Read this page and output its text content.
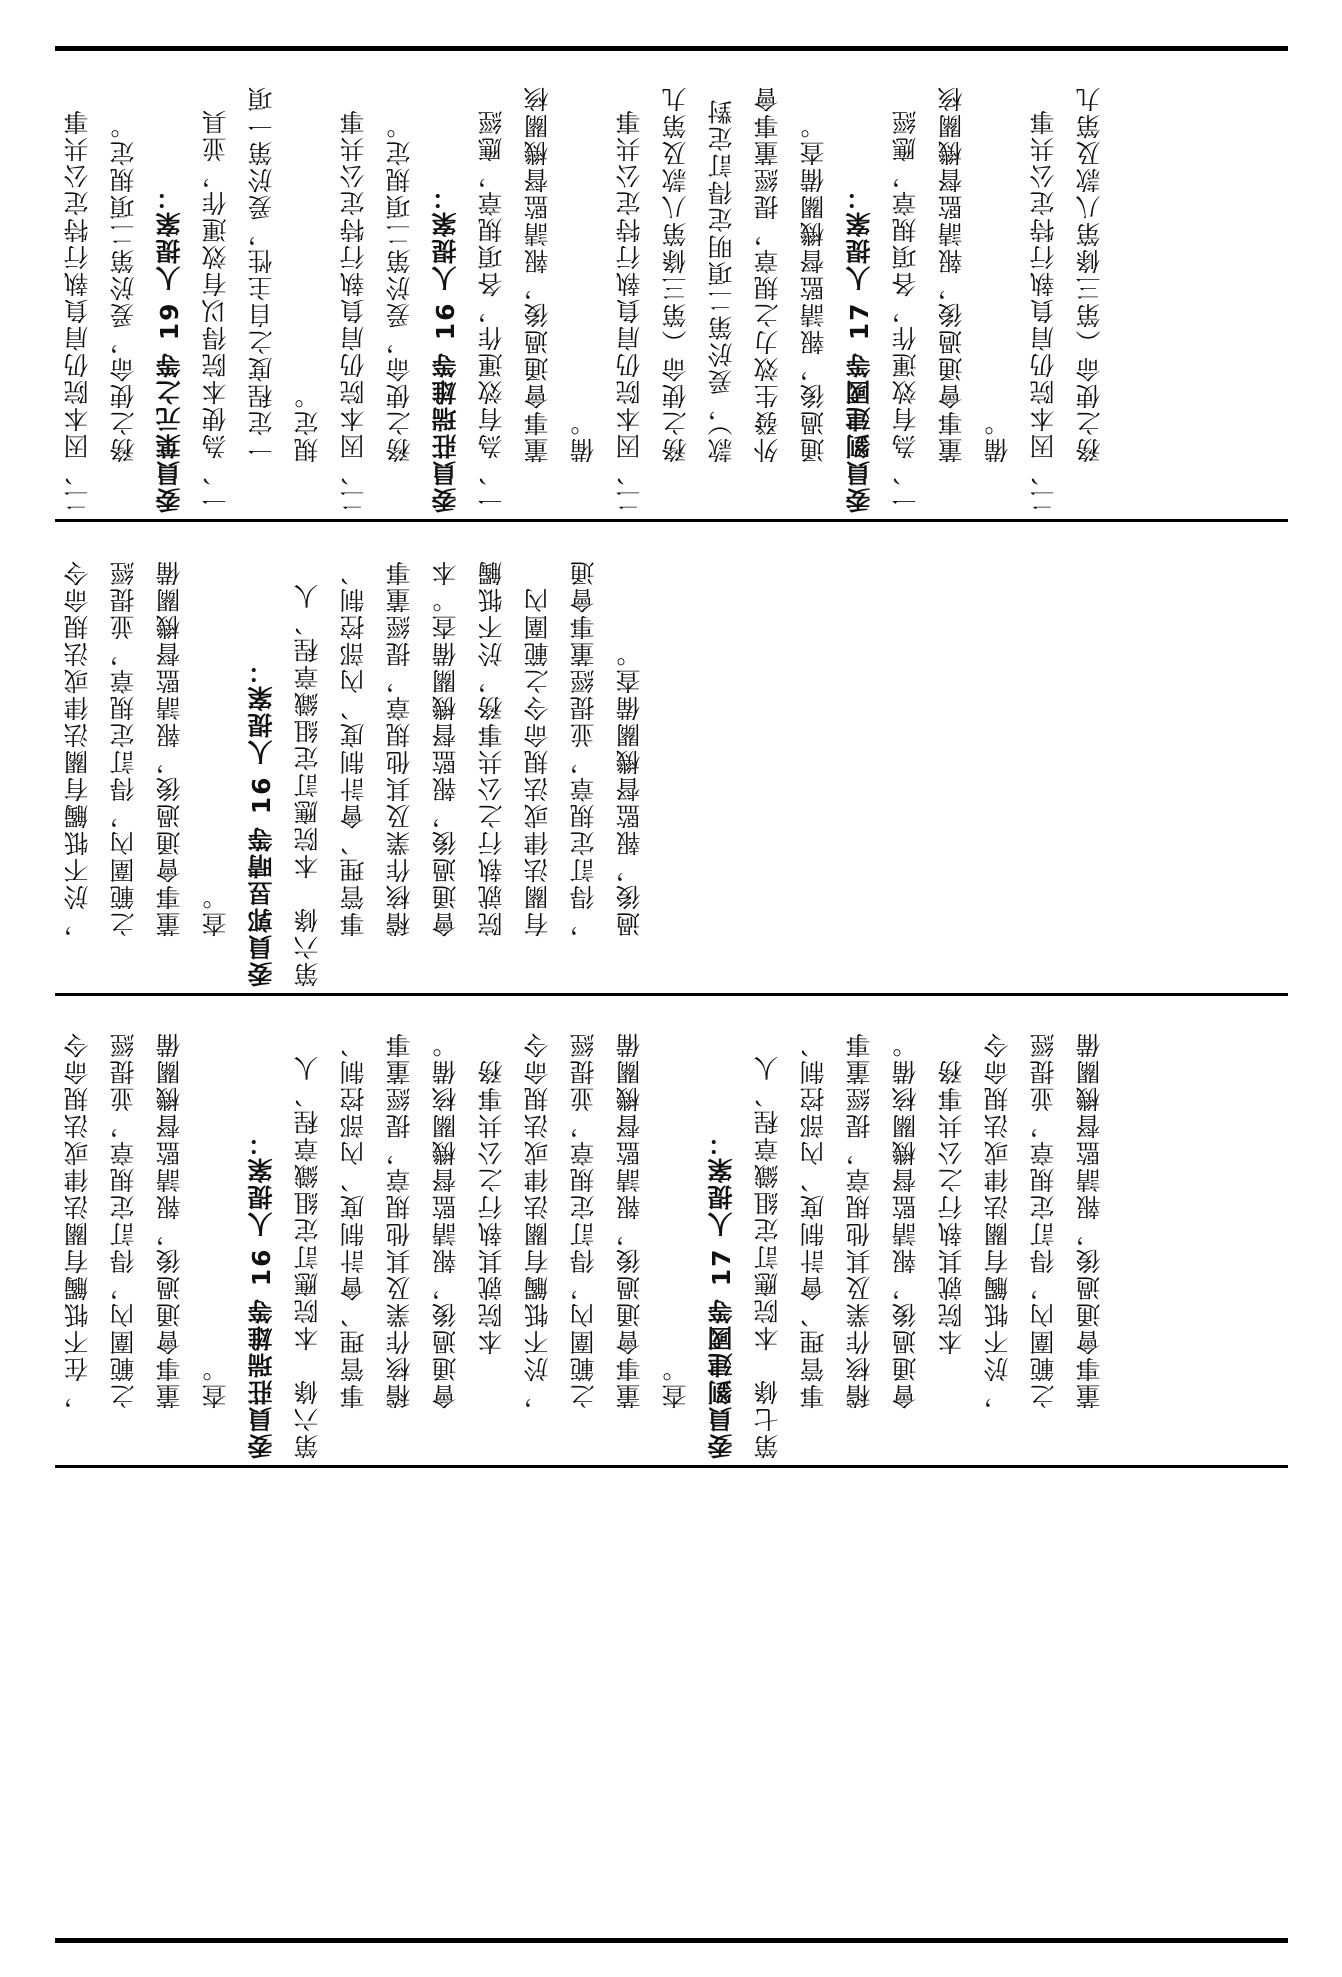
二、因本院仍肩負執行特定公共事 務之使命，爰於第二項規定。 委員葉元之等 19 人提案： 一、為使本院得以有效運作，並具 一定程度之自主性，爰於第一項 規定。 二、因本院仍肩負執行特定公共事 務之使命，爰於第二項規定。 委員莊瑞雄等 16 人提案： 一、為有效運作，各項規章，應經 董事會通過後，報請監督機關核 備。 二、因本院仍肩負執行特定公共事 務之使命（第三條第八款及第九 款），爰於第二項明定得訂定對 外發生效力之規章，提經董事會 通過後，報請監督機關備查。 委員劉建國等 17 人提案： 一、為有效運作，各項規章，應經 董事會通過後，報請監督機關核 備。 二、因本院仍肩負執行特定公共事 務之使命（第三條第八款及第九
，於不牴觸有關法律或法規命令 之範圍內，得訂定規章，並提經 董事會通過後，報請監督機關備 查。 委員郭昱晴等 16 人提案： 第六條　本院應訂定組織章程、人 事管理、會計制度、內部控制、 稽核作業及其他規章，提經董事 會通過後，報監督機關備查。本 院就執行之公共事務，於不牴觸 有關法律或法規命令之範圍內 ，得訂定規章，並提經董事會通 過後，報監督機關備查。
，在不牴觸有關法律或法規命令 之範圍內，得訂定規章，並提經 董事會通過後，報請監督機關備 查。 委員莊瑞雄等 16 人提案： 第六條　本院應訂定組織章程、人 事管理、會計制度、內部控制、 稽核作業及其他規章，提經董事 會通過後，報請監督機關核備。 　　本院就其執行之公共事務 ，於不牴觸有關法律或法規命令 之範圍內，得訂定規章，並提經 董事會通過後，報請監督機關備 查。 委員劉建國等 17 人提案： 第七條　本院應訂定組織章程、人 事管理、會計制度、內部控制、 稽核作業及其他規章，提經董事 會通過後，報請監督機關核備。 　　本院就其執行之公共事務 ，於不牴觸有關法律或法規命令 之範圍內，得訂定規章，並提經 董事會通過後，報請監督機關備
